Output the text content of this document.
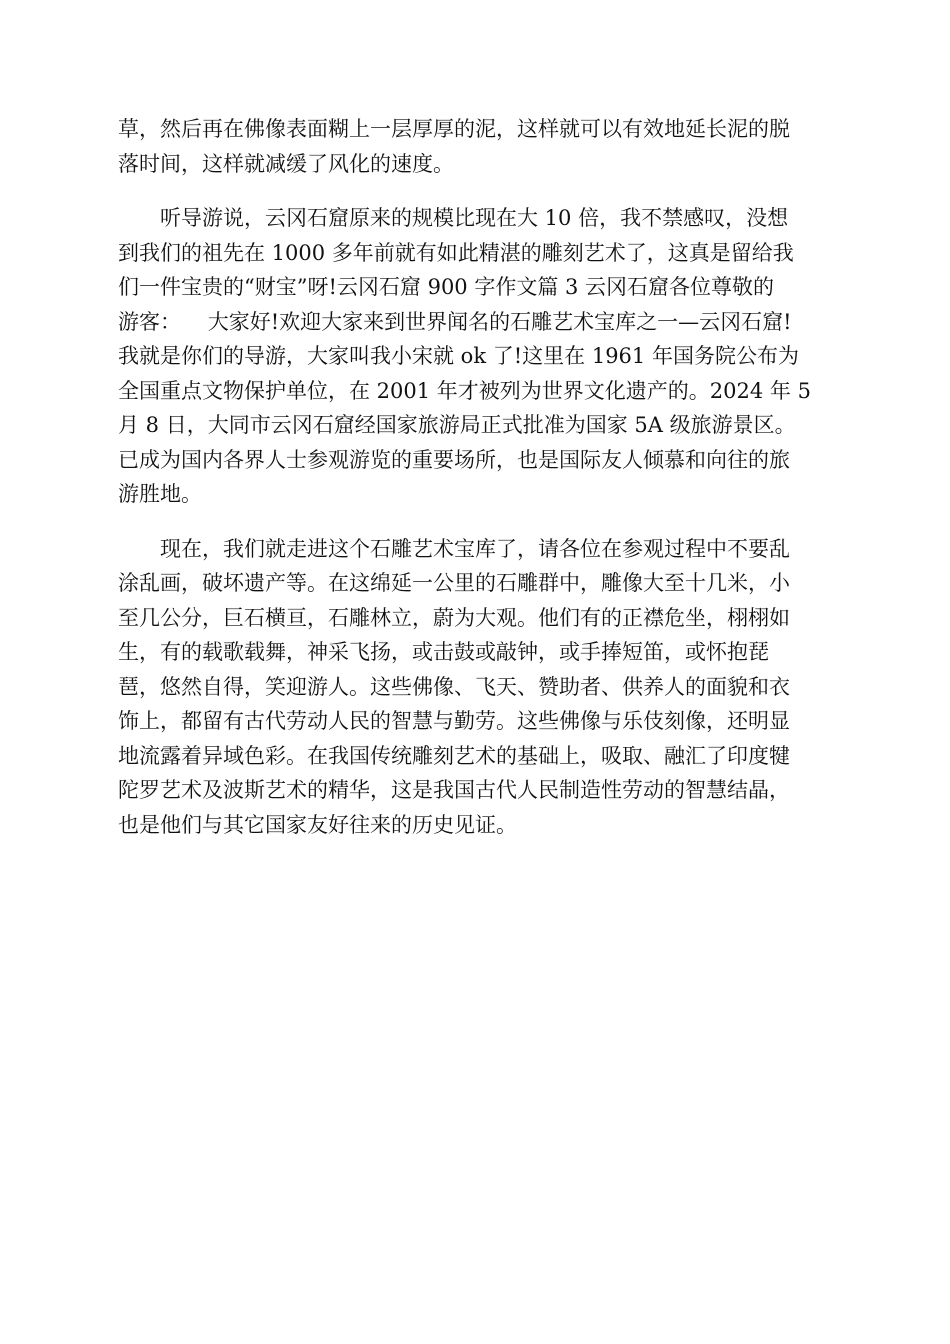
草，然后再在佛像表面糊上一层厚厚的泥，这样就可以有效地延长泥的脱
落时间，这样就减缓了风化的速度。
听导游说，云冈石窟原来的规模比现在大 10 倍，我不禁感叹，没想
到我们的祖先在 1000 多年前就有如此精湛的雕刻艺术了，这真是留给我
们一件宝贵的“财宝”呀!云冈石窟 900 字作文篇 3 云冈石窟各位尊敬的
游客：    大家好!欢迎大家来到世界闻名的石雕艺术宝库之一—云冈石窟!
我就是你们的导游，大家叫我小宋就 ok 了!这里在 1961 年国务院公布为
全国重点文物保护单位，在 2001 年才被列为世界文化遗产的。2024 年 5
月 8 日，大同市云冈石窟经国家旅游局正式批准为国家 5A 级旅游景区。
已成为国内各界人士参观游览的重要场所，也是国际友人倾慕和向往的旅
游胜地。
现在，我们就走进这个石雕艺术宝库了，请各位在参观过程中不要乱
涂乱画，破坏遗产等。在这绵延一公里的石雕群中，雕像大至十几米，小
至几公分，巨石横亘，石雕林立，蔚为大观。他们有的正襟危坐，栩栩如
生，有的载歌载舞，神采飞扬，或击鼓或敲钟，或手捧短笛，或怀抱琵
琶，悠然自得，笑迎游人。这些佛像、飞天、赞助者、供养人的面貌和衣
饰上，都留有古代劳动人民的智慧与勤劳。这些佛像与乐伎刻像，还明显
地流露着异域色彩。在我国传统雕刻艺术的基础上，吸取、融汇了印度犍
陀罗艺术及波斯艺术的精华，这是我国古代人民制造性劳动的智慧结晶，
也是他们与其它国家友好往来的历史见证。
